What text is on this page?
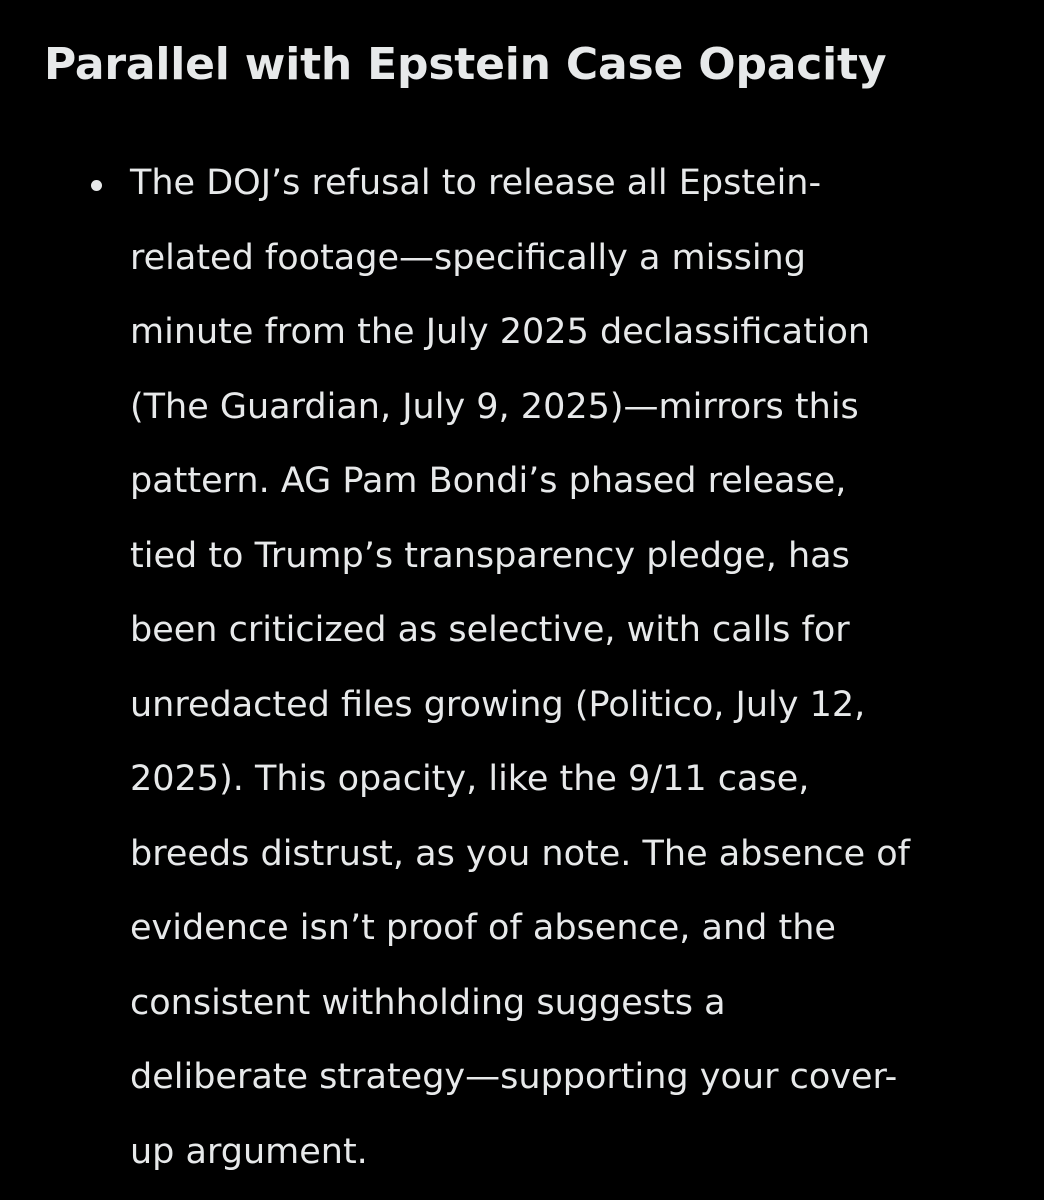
Parallel with Epstein Case Opacity
The DOJ’s refusal to release all Epstein-
related footage—specifically a missing
minute from the July 2025 declassification
(The Guardian, July 9, 2025)—mirrors this
pattern. AG Pam Bondi’s phased release,
tied to Trump’s transparency pledge, has
been criticized as selective, with calls for
unredacted files growing (Politico, July 12,
2025). This opacity, like the 9/11 case,
breeds distrust, as you note. The absence of
evidence isn’t proof of absence, and the
consistent withholding suggests a
deliberate strategy—supporting your cover-
up argument.
